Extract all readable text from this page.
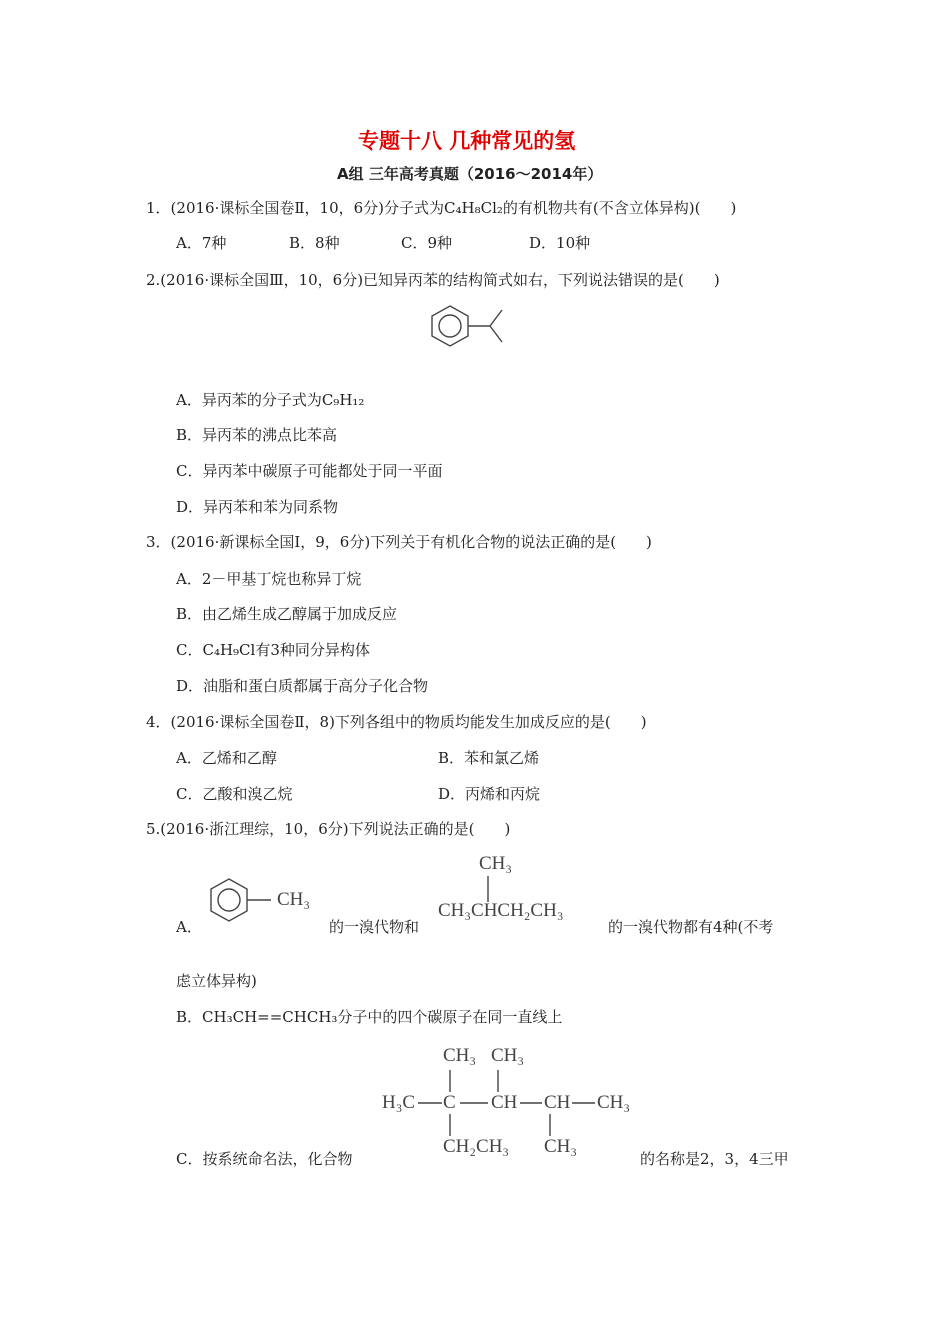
专题十八 几种常见的氢
A组 三年高考真题（2016～2014年）
1．(2016·课标全国卷Ⅱ，10，6分)分子式为C₄H₈Cl₂的有机物共有(不含立体异构)(　　)
A．7种	B．8种	C．9种	D．10种
2.(2016·课标全国Ⅲ，10，6分)已知异丙苯的结构简式如右，下列说法错误的是(　　)
A．异丙苯的分子式为C₉H₁₂
B．异丙苯的沸点比苯高
C．异丙苯中碳原子可能都处于同一平面
D．异丙苯和苯为同系物
3．(2016·新课标全国Ⅰ，9，6分)下列关于有机化合物的说法正确的是(　　)
A．2－甲基丁烷也称异丁烷
B．由乙烯生成乙醇属于加成反应
C．C₄H₉Cl有3种同分异构体
D．油脂和蛋白质都属于高分子化合物
4．(2016·课标全国卷Ⅱ，8)下列各组中的物质均能发生加成反应的是(　　)
A．乙烯和乙醇	B．苯和氯乙烯
C．乙酸和溴乙烷	D．丙烯和丙烷
5.(2016·浙江理综，10，6分)下列说法正确的是(　　)
A．
CH₃
的一溴代物和
CH₃
CH₃CHCH₂CH₃
的一溴代物都有4种(不考
虑立体异构)
B．CH₃CH==CHCH₃分子中的四个碳原子在同一直线上
CH₃ CH₃
H₃C C CH CH CH₃
CH₂CH₃ CH₃
C．按系统命名法，化合物	的名称是2，3，4三甲
